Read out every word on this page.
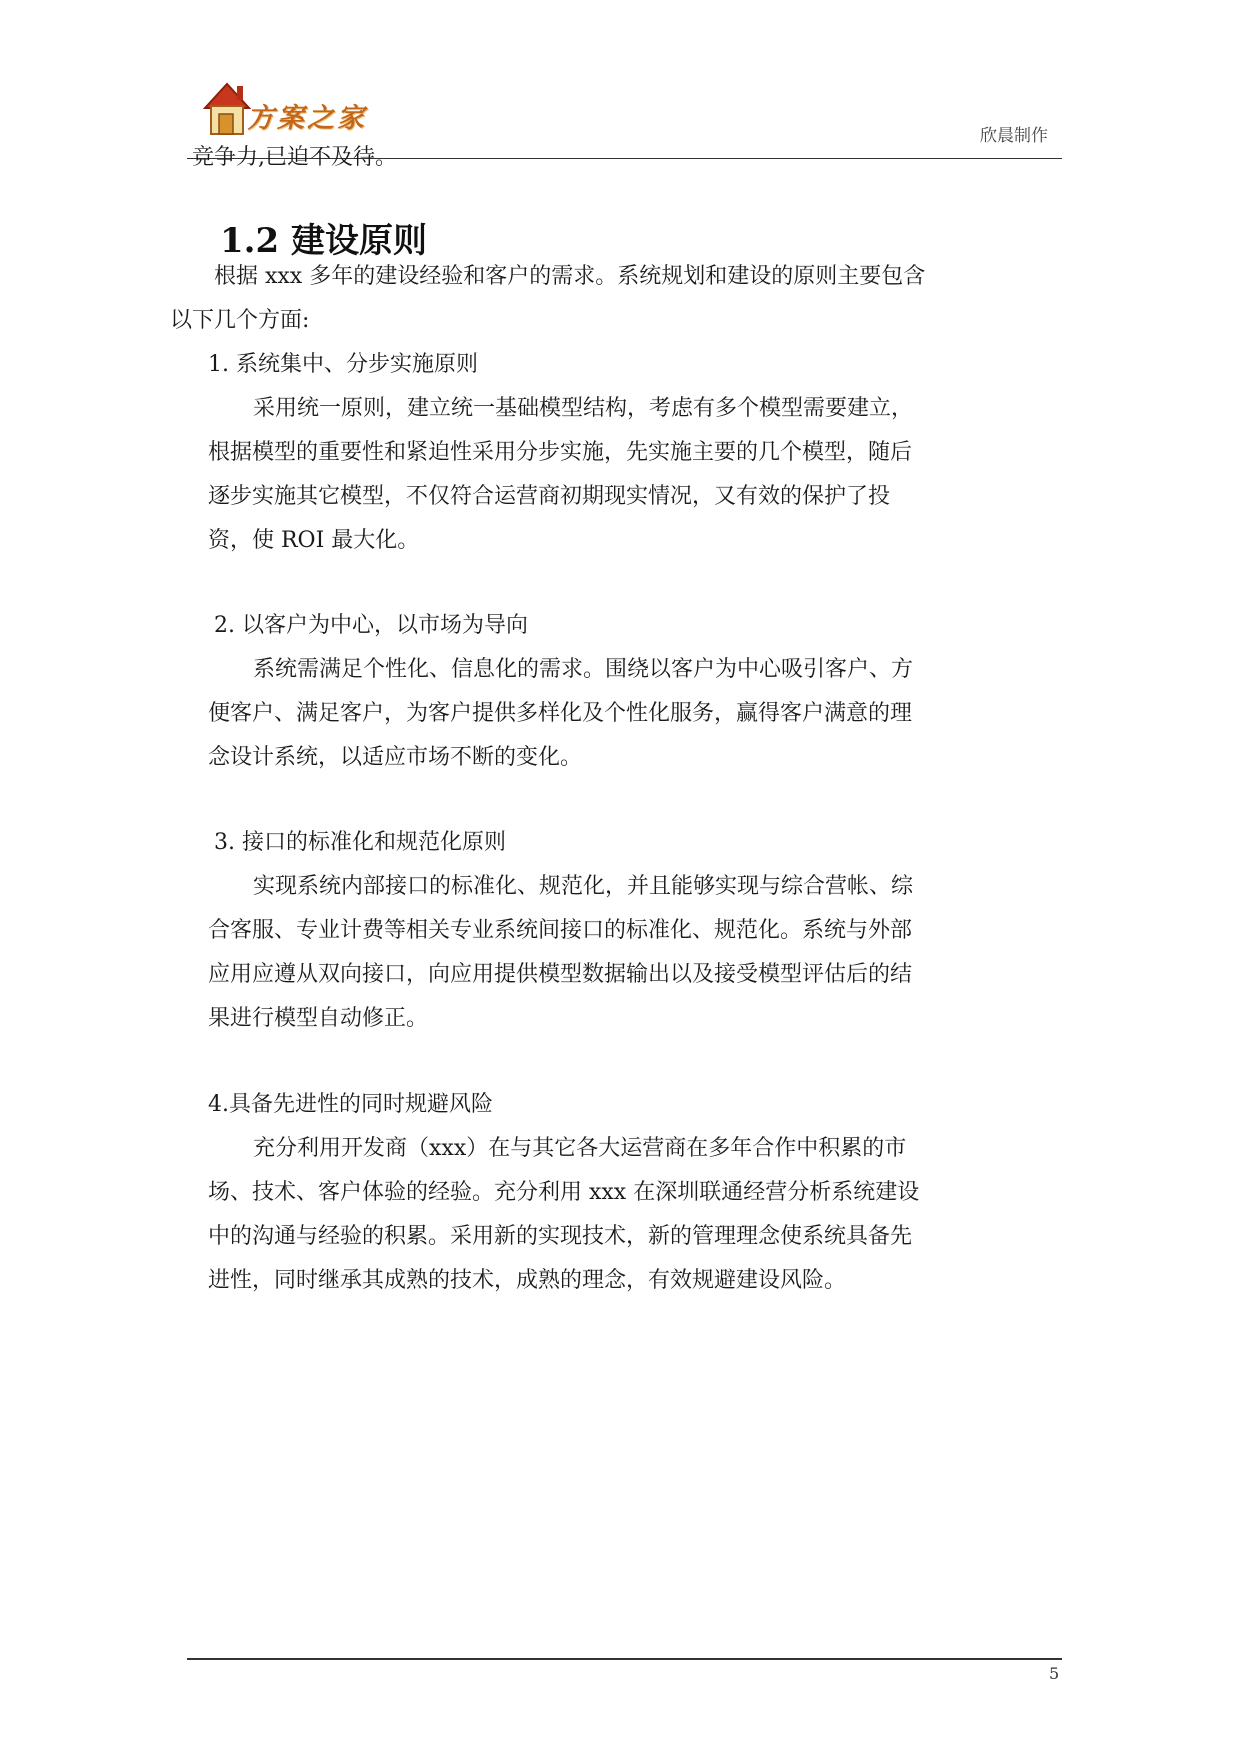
方案之家
欣晨制作
竞争力,已迫不及待。
1.2 建设原则
根据 xxx 多年的建设经验和客户的需求。系统规划和建设的原则主要包含
以下几个方面:
1. 系统集中、分步实施原则
采用统一原则，建立统一基础模型结构，考虑有多个模型需要建立，
根据模型的重要性和紧迫性采用分步实施，先实施主要的几个模型，随后
逐步实施其它模型，不仅符合运营商初期现实情况，又有效的保护了投
资，使 ROI 最大化。
2. 以客户为中心，以市场为导向
系统需满足个性化、信息化的需求。围绕以客户为中心吸引客户、方
便客户、满足客户，为客户提供多样化及个性化服务，赢得客户满意的理
念设计系统，以适应市场不断的变化。
3. 接口的标准化和规范化原则
实现系统内部接口的标准化、规范化，并且能够实现与综合营帐、综
合客服、专业计费等相关专业系统间接口的标准化、规范化。系统与外部
应用应遵从双向接口，向应用提供模型数据输出以及接受模型评估后的结
果进行模型自动修正。
4.具备先进性的同时规避风险
充分利用开发商（xxx）在与其它各大运营商在多年合作中积累的市
场、技术、客户体验的经验。充分利用 xxx 在深圳联通经营分析系统建设
中的沟通与经验的积累。采用新的实现技术，新的管理理念使系统具备先
进性，同时继承其成熟的技术，成熟的理念，有效规避建设风险。
5
